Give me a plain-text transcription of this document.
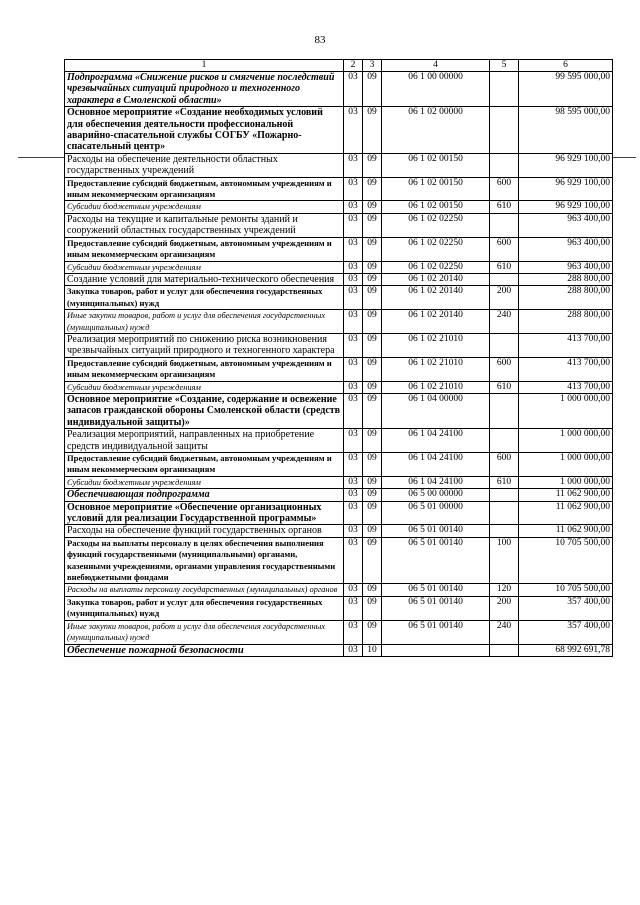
83
1	2	3	4	5	6
Подпрограмма «Снижение рисков и смягчение последствий чрезвычайных ситуаций природного и техногенного характера в Смоленской области»	03	09	06 1 00 00000		99 595 000,00
Основное мероприятие «Создание необходимых условий для обеспечения деятельности профессиональной аварийно-спасательной службы СОГБУ «Пожарно-спасательный центр»	03	09	06 1 02 00000		98 595 000,00
Расходы на обеспечение деятельности областных государственных учреждений	03	09	06 1 02 00150		96 929 100,00
Предоставление субсидий бюджетным, автономным учреждениям и иным некоммерческим организациям	03	09	06 1 02 00150	600	96 929 100,00
Субсидии бюджетным учреждениям	03	09	06 1 02 00150	610	96 929 100,00
Расходы на текущие и капитальные ремонты зданий и сооружений областных государственных учреждений	03	09	06 1 02 02250		963 400,00
Предоставление субсидий бюджетным, автономным учреждениям и иным некоммерческим организациям	03	09	06 1 02 02250	600	963 400,00
Субсидии бюджетным учреждениям	03	09	06 1 02 02250	610	963 400,00
Создание условий для материально-технического обеспечения	03	09	06 1 02 20140		288 800,00
Закупка товаров, работ и услуг для обеспечения государственных (муниципальных) нужд	03	09	06 1 02 20140	200	288 800,00
Иные закупки товаров, работ и услуг для обеспечения государственных (муниципальных) нужд	03	09	06 1 02 20140	240	288 800,00
Реализация мероприятий по снижению риска возникновения чрезвычайных ситуаций природного и техногенного характера	03	09	06 1 02 21010		413 700,00
Предоставление субсидий бюджетным, автономным учреждениям и иным некоммерческим организациям	03	09	06 1 02 21010	600	413 700,00
Субсидии бюджетным учреждениям	03	09	06 1 02 21010	610	413 700,00
Основное мероприятие «Создание, содержание и освежение запасов гражданской обороны Смоленской области (средств индивидуальной защиты)»	03	09	06 1 04 00000		1 000 000,00
Реализация мероприятий, направленных на приобретение средств индивидуальной защиты	03	09	06 1 04 24100		1 000 000,00
Предоставление субсидий бюджетным, автономным учреждениям и иным некоммерческим организациям	03	09	06 1 04 24100	600	1 000 000,00
Субсидии бюджетным учреждениям	03	09	06 1 04 24100	610	1 000 000,00
Обеспечивающая подпрограмма	03	09	06 5 00 00000		11 062 900,00
Основное мероприятие «Обеспечение организационных условий для реализации Государственной программы»	03	09	06 5 01 00000		11 062 900,00
Расходы на обеспечение функций государственных органов	03	09	06 5 01 00140		11 062 900,00
Расходы на выплаты персоналу в целях обеспечения выполнения функций государственными (муниципальными) органами, казенными учреждениями, органами управления государственными внебюджетными фондами	03	09	06 5 01 00140	100	10 705 500,00
Расходы на выплаты персоналу государственных (муниципальных) органов	03	09	06 5 01 00140	120	10 705 500,00
Закупка товаров, работ и услуг для обеспечения государственных (муниципальных) нужд	03	09	06 5 01 00140	200	357 400,00
Иные закупки товаров, работ и услуг для обеспечения государственных (муниципальных) нужд	03	09	06 5 01 00140	240	357 400,00
Обеспечение пожарной безопасности	03	10			68 992 691,78
